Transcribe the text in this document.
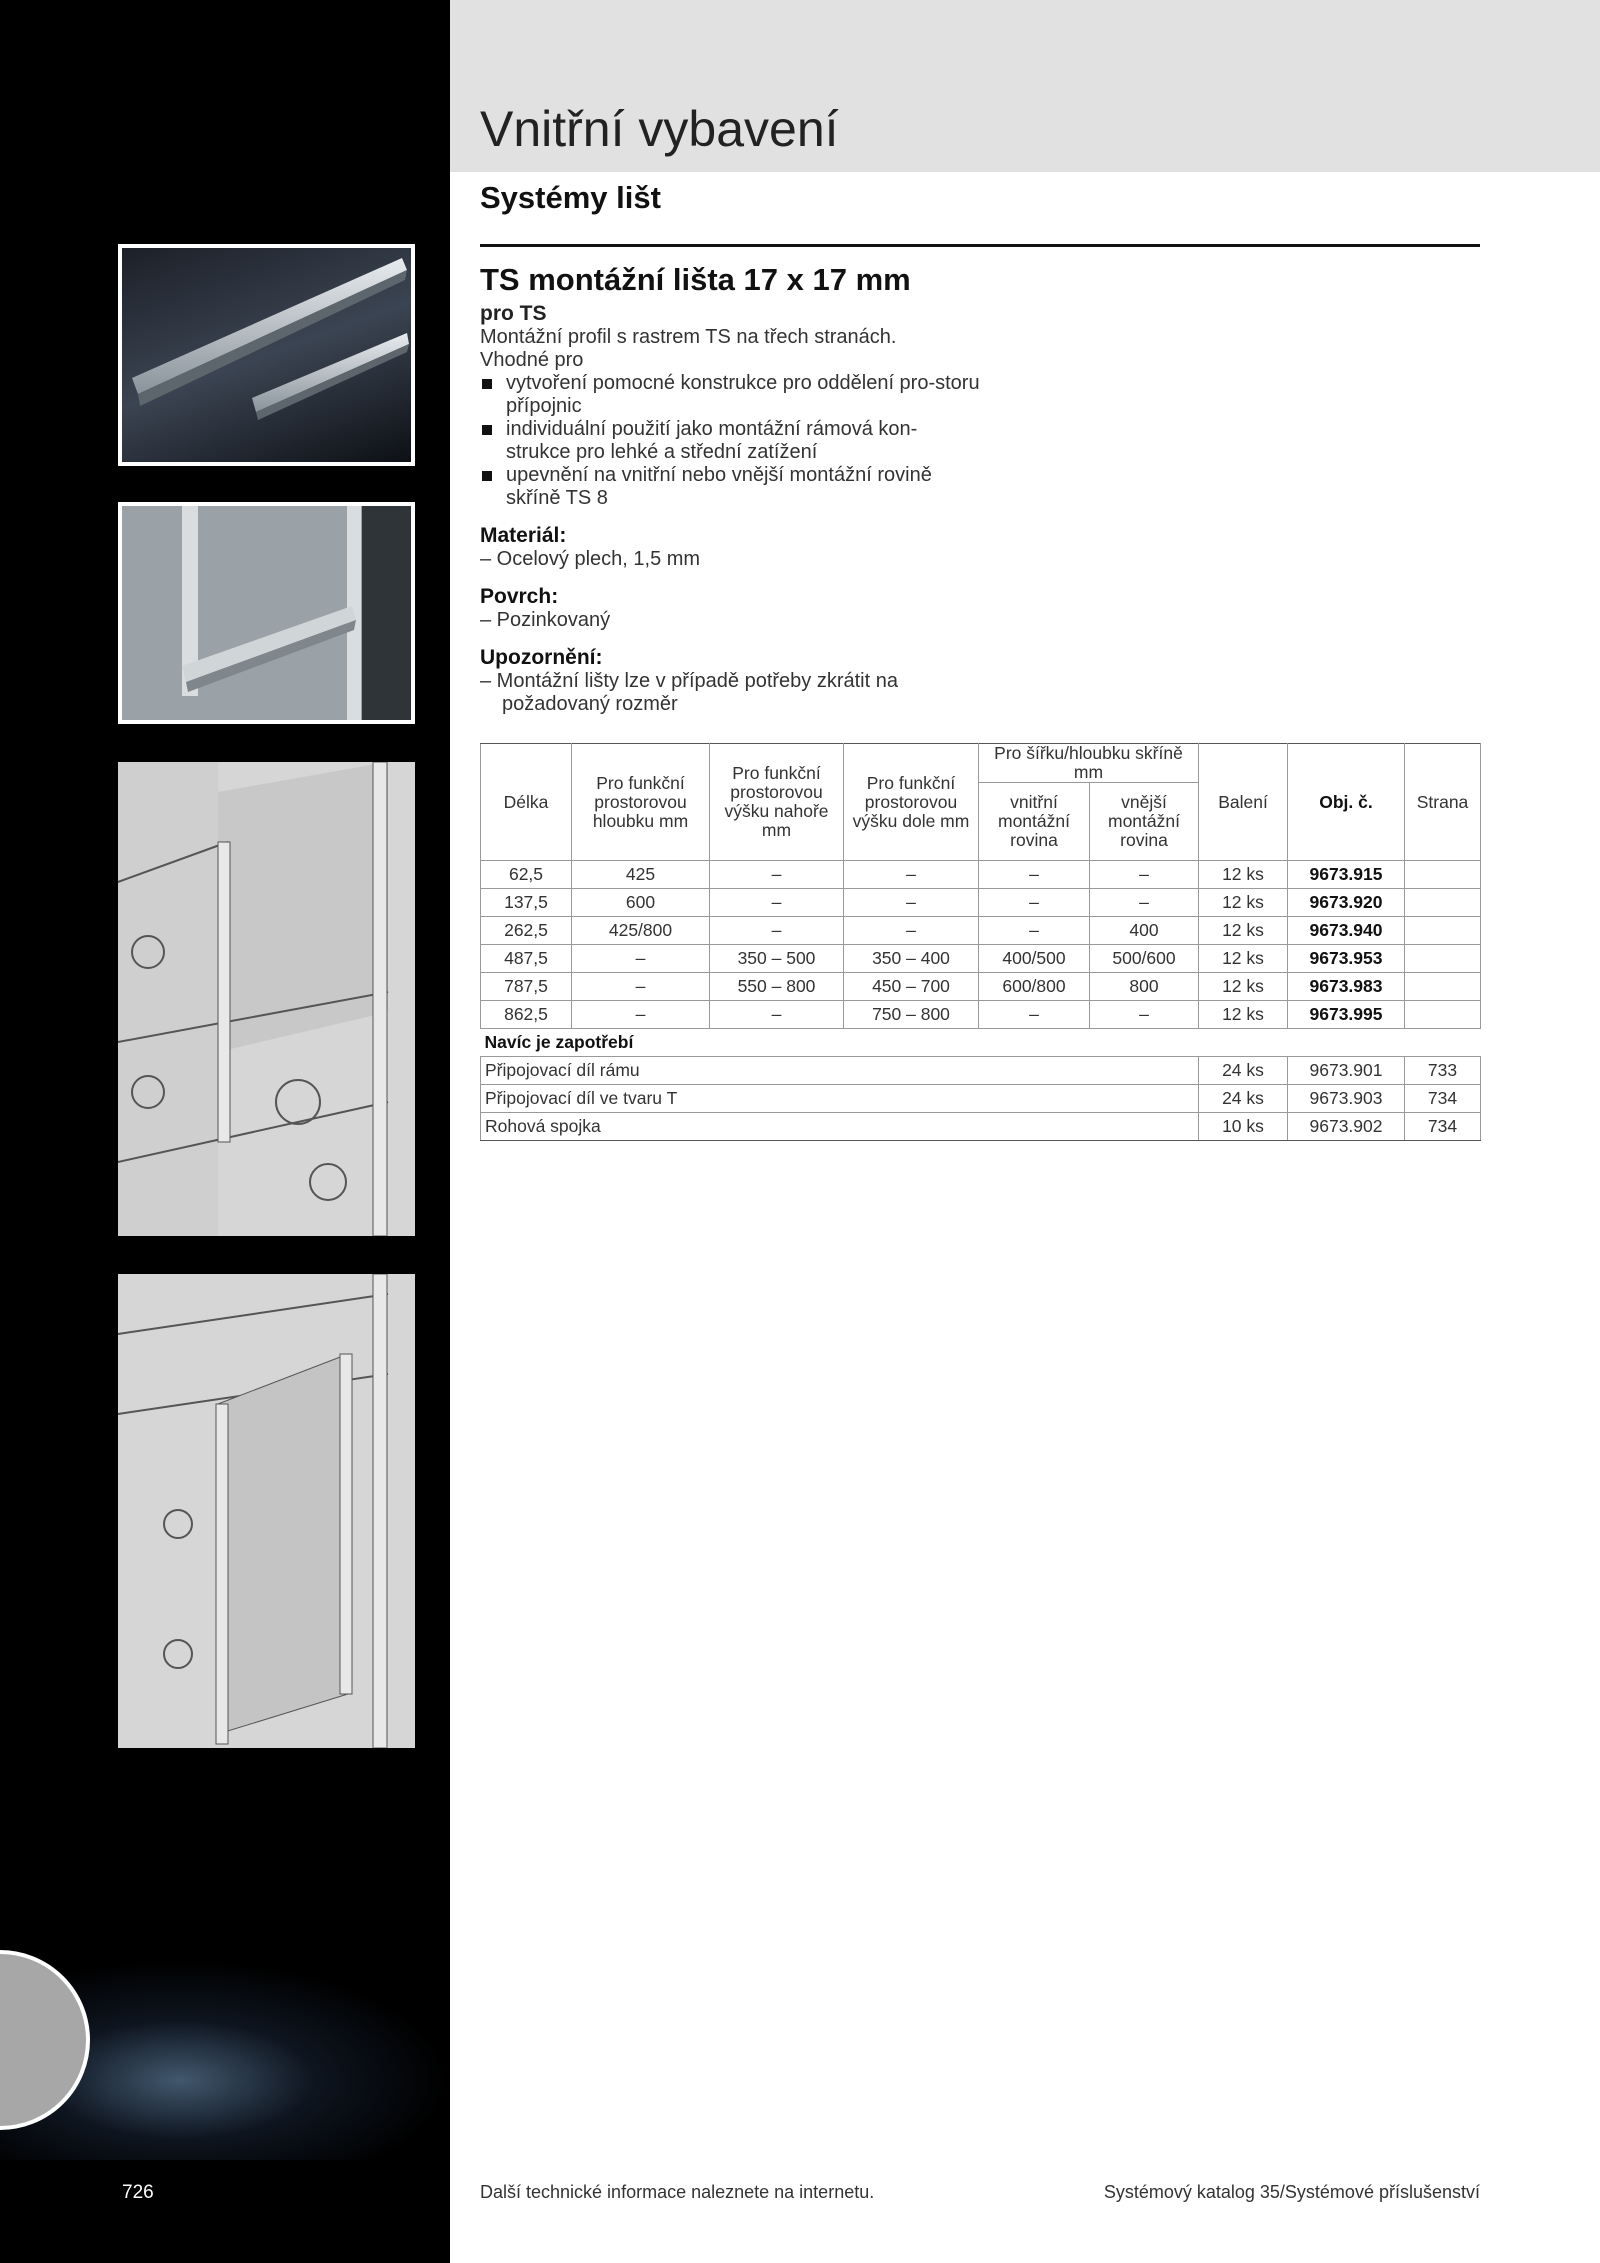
Vnitřní vybavení
Systémy lišt
TS montážní lišta 17 x 17 mm

pro TS

Montážní profil s rastrem TS na třech stranách.

Vhodné pro

vytvoření pomocné konstrukce pro oddělení pro-storu přípojnic
individuální použití jako montážní rámová kon-strukce pro lehké a střední zatížení
upevnění na vnitřní nebo vnější montážní rovině skříně TS 8

Materiál:

– Ocelový plech, 1,5 mm

Povrch:

– Pozinkovaný

Upozornění:

– Montážní lišty lze v případě potřeby zkrátit na požadovaný rozměr

Délka	Pro funkční prostorovou hloubku mm	Pro funkční prostorovou výšku nahoře mm	Pro funkční prostorovou výšku dole mm	Pro šířku/hloubku skříně mm		Balení	Obj. č.	Strana
				vnitřní montážní rovina	vnější montážní rovina			
62,5	425	–	–	–	–	12 ks	9673.915	
137,5	600	–	–	–	–	12 ks	9673.920	
262,5	425/800	–	–	–	400	12 ks	9673.940	
487,5	–	350 – 500	350 – 400	400/500	500/600	12 ks	9673.953	
787,5	–	550 – 800	450 – 700	600/800	800	12 ks	9673.983	
862,5	–	–	750 – 800	–	–	12 ks	9673.995	
Navíc je zapotřebí								
Připojovací díl rámu						24 ks	9673.901	733
Připojovací díl ve tvaru T						24 ks	9673.903	734
Rohová spojka						10 ks	9673.902	734
726	Další technické informace naleznete na internetu.	Systémový katalog 35/Systémové příslušenství
